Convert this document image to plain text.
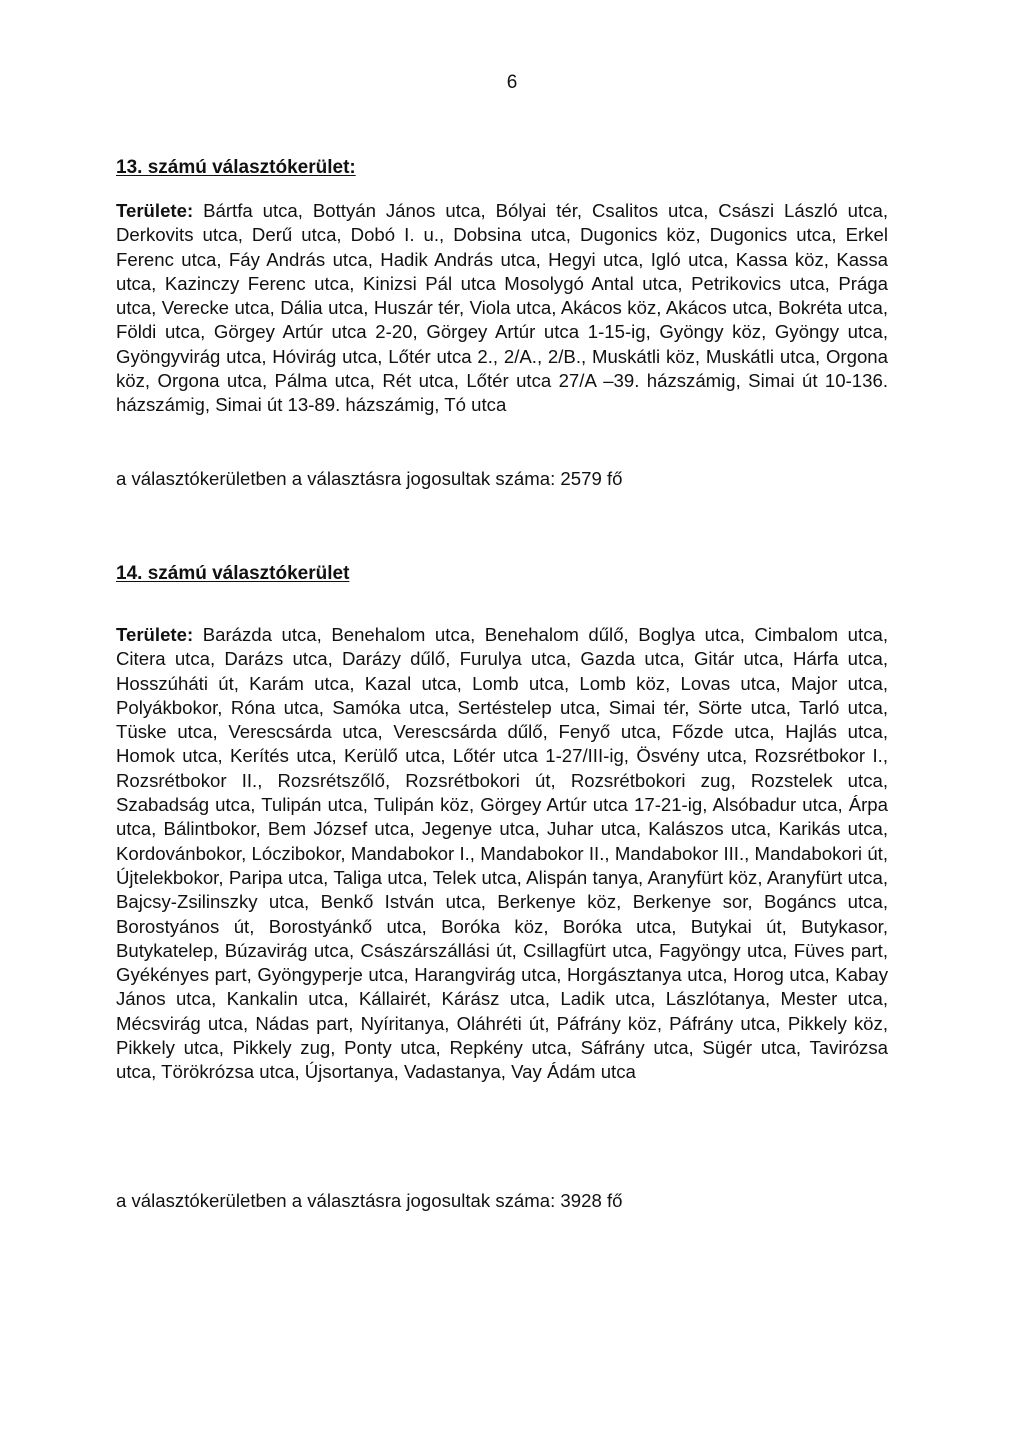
6

13. számú választókerület:

Területe: Bártfa utca, Bottyán János utca, Bólyai tér, Csalitos utca, Császi László utca, Derkovits utca, Derű utca, Dobó I. u., Dobsina utca, Dugonics köz, Dugonics utca, Erkel Ferenc utca, Fáy András utca, Hadik András utca, Hegyi utca, Igló utca, Kassa köz, Kassa utca, Kazinczy Ferenc utca, Kinizsi Pál utca Mosolygó Antal utca, Petrikovics utca, Prága utca, Verecke utca, Dália utca, Huszár tér, Viola utca, Akácos köz, Akácos utca, Bokréta utca, Földi utca, Görgey Artúr utca 2-20, Görgey Artúr utca 1-15-ig, Gyöngy köz, Gyöngy utca, Gyöngyvirág utca, Hóvirág utca, Lőtér utca 2., 2/A., 2/B., Muskátli köz, Muskátli utca, Orgona köz, Orgona utca, Pálma utca, Rét utca, Lőtér utca 27/A –39. házszámig, Simai út 10-136. házszámig, Simai út 13-89. házszámig, Tó utca

a választókerületben a választásra jogosultak száma: 2579 fő

14. számú választókerület

Területe: Barázda utca, Benehalom utca, Benehalom dűlő, Boglya utca, Cimbalom utca, Citera utca, Darázs utca, Darázy dűlő, Furulya utca, Gazda utca, Gitár utca, Hárfa utca, Hosszúháti út, Karám utca, Kazal utca, Lomb utca, Lomb köz, Lovas utca, Major utca, Polyákbokor, Róna utca, Samóka utca, Sertéstelep utca, Simai tér, Sörte utca, Tarló utca, Tüske utca, Verescsárda utca, Verescsárda dűlő, Fenyő utca, Főzde utca, Hajlás utca, Homok utca, Kerítés utca, Kerülő utca, Lőtér utca 1-27/III-ig, Ösvény utca, Rozsrétbokor I., Rozsrétbokor II., Rozsrétszőlő, Rozsrétbokori út, Rozsrétbokori zug, Rozstelek utca, Szabadság utca, Tulipán utca, Tulipán köz, Görgey Artúr utca 17-21-ig, Alsóbadur utca, Árpa utca, Bálintbokor, Bem József utca, Jegenye utca, Juhar utca, Kalászos utca, Karikás utca, Kordovánbokor, Lóczibokor, Mandabokor I., Mandabokor II., Mandabokor III., Mandabokori út, Újtelekbokor, Paripa utca, Taliga utca, Telek utca, Alispán tanya, Aranyfürt köz, Aranyfürt utca, Bajcsy-Zsilinszky utca, Benkő István utca, Berkenye köz, Berkenye sor, Bogáncs utca, Borostyános út, Borostyánkő utca, Boróka köz, Boróka utca, Butykai út, Butykasor, Butykatelep, Búzavirág utca, Császárszállási út, Csillagfürt utca, Fagyöngy utca, Füves part, Gyékényes part, Gyöngyperje utca, Harangvirág utca, Horgásztanya utca, Horog utca, Kabay János utca, Kankalin utca, Kállairét, Kárász utca, Ladik utca, Lászlótanya, Mester utca, Mécsvirág utca, Nádas part, Nyíritanya, Oláhréti út, Páfrány köz, Páfrány utca, Pikkely köz, Pikkely utca, Pikkely zug, Ponty utca, Repkény utca, Sáfrány utca, Sügér utca, Tavirózsa utca, Törökrózsa utca, Újsortanya, Vadastanya, Vay Ádám utca

a választókerületben a választásra jogosultak száma: 3928 fő
